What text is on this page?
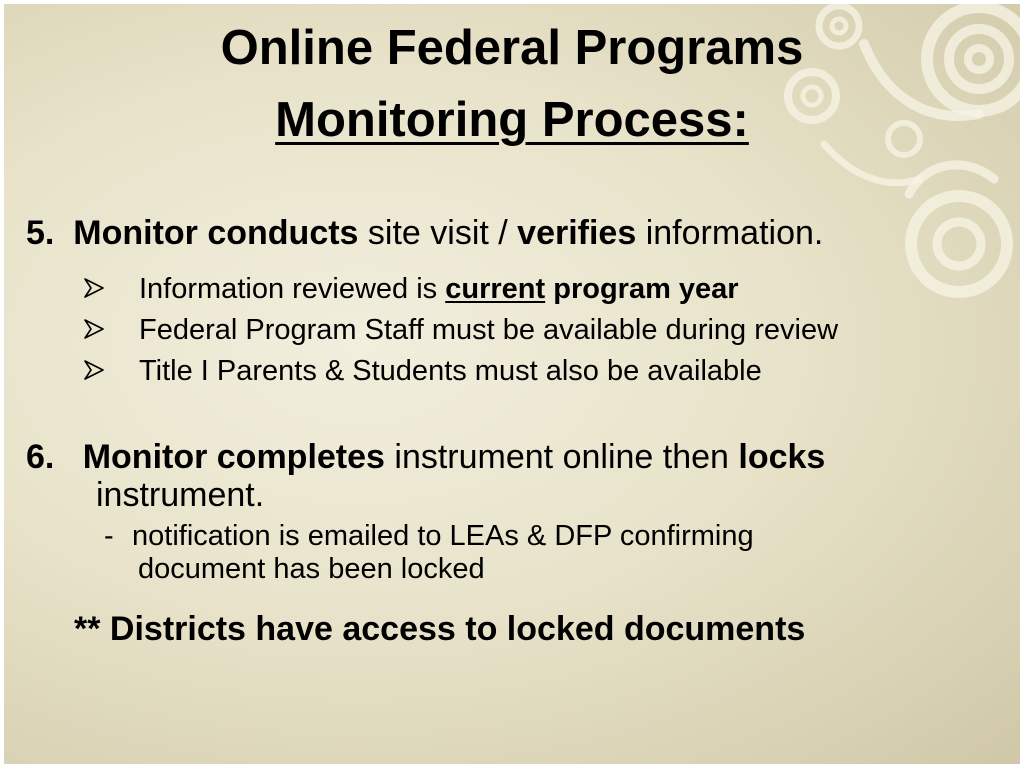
Online Federal Programs
Monitoring Process:
5. Monitor conducts site visit / verifies information.
Information reviewed is current program year
Federal Program Staff must be available during review
Title I Parents & Students must also be available
6. Monitor completes instrument online then locks
instrument.
- notification is emailed to LEAs & DFP confirming
document has been locked
** Districts have access to locked documents
